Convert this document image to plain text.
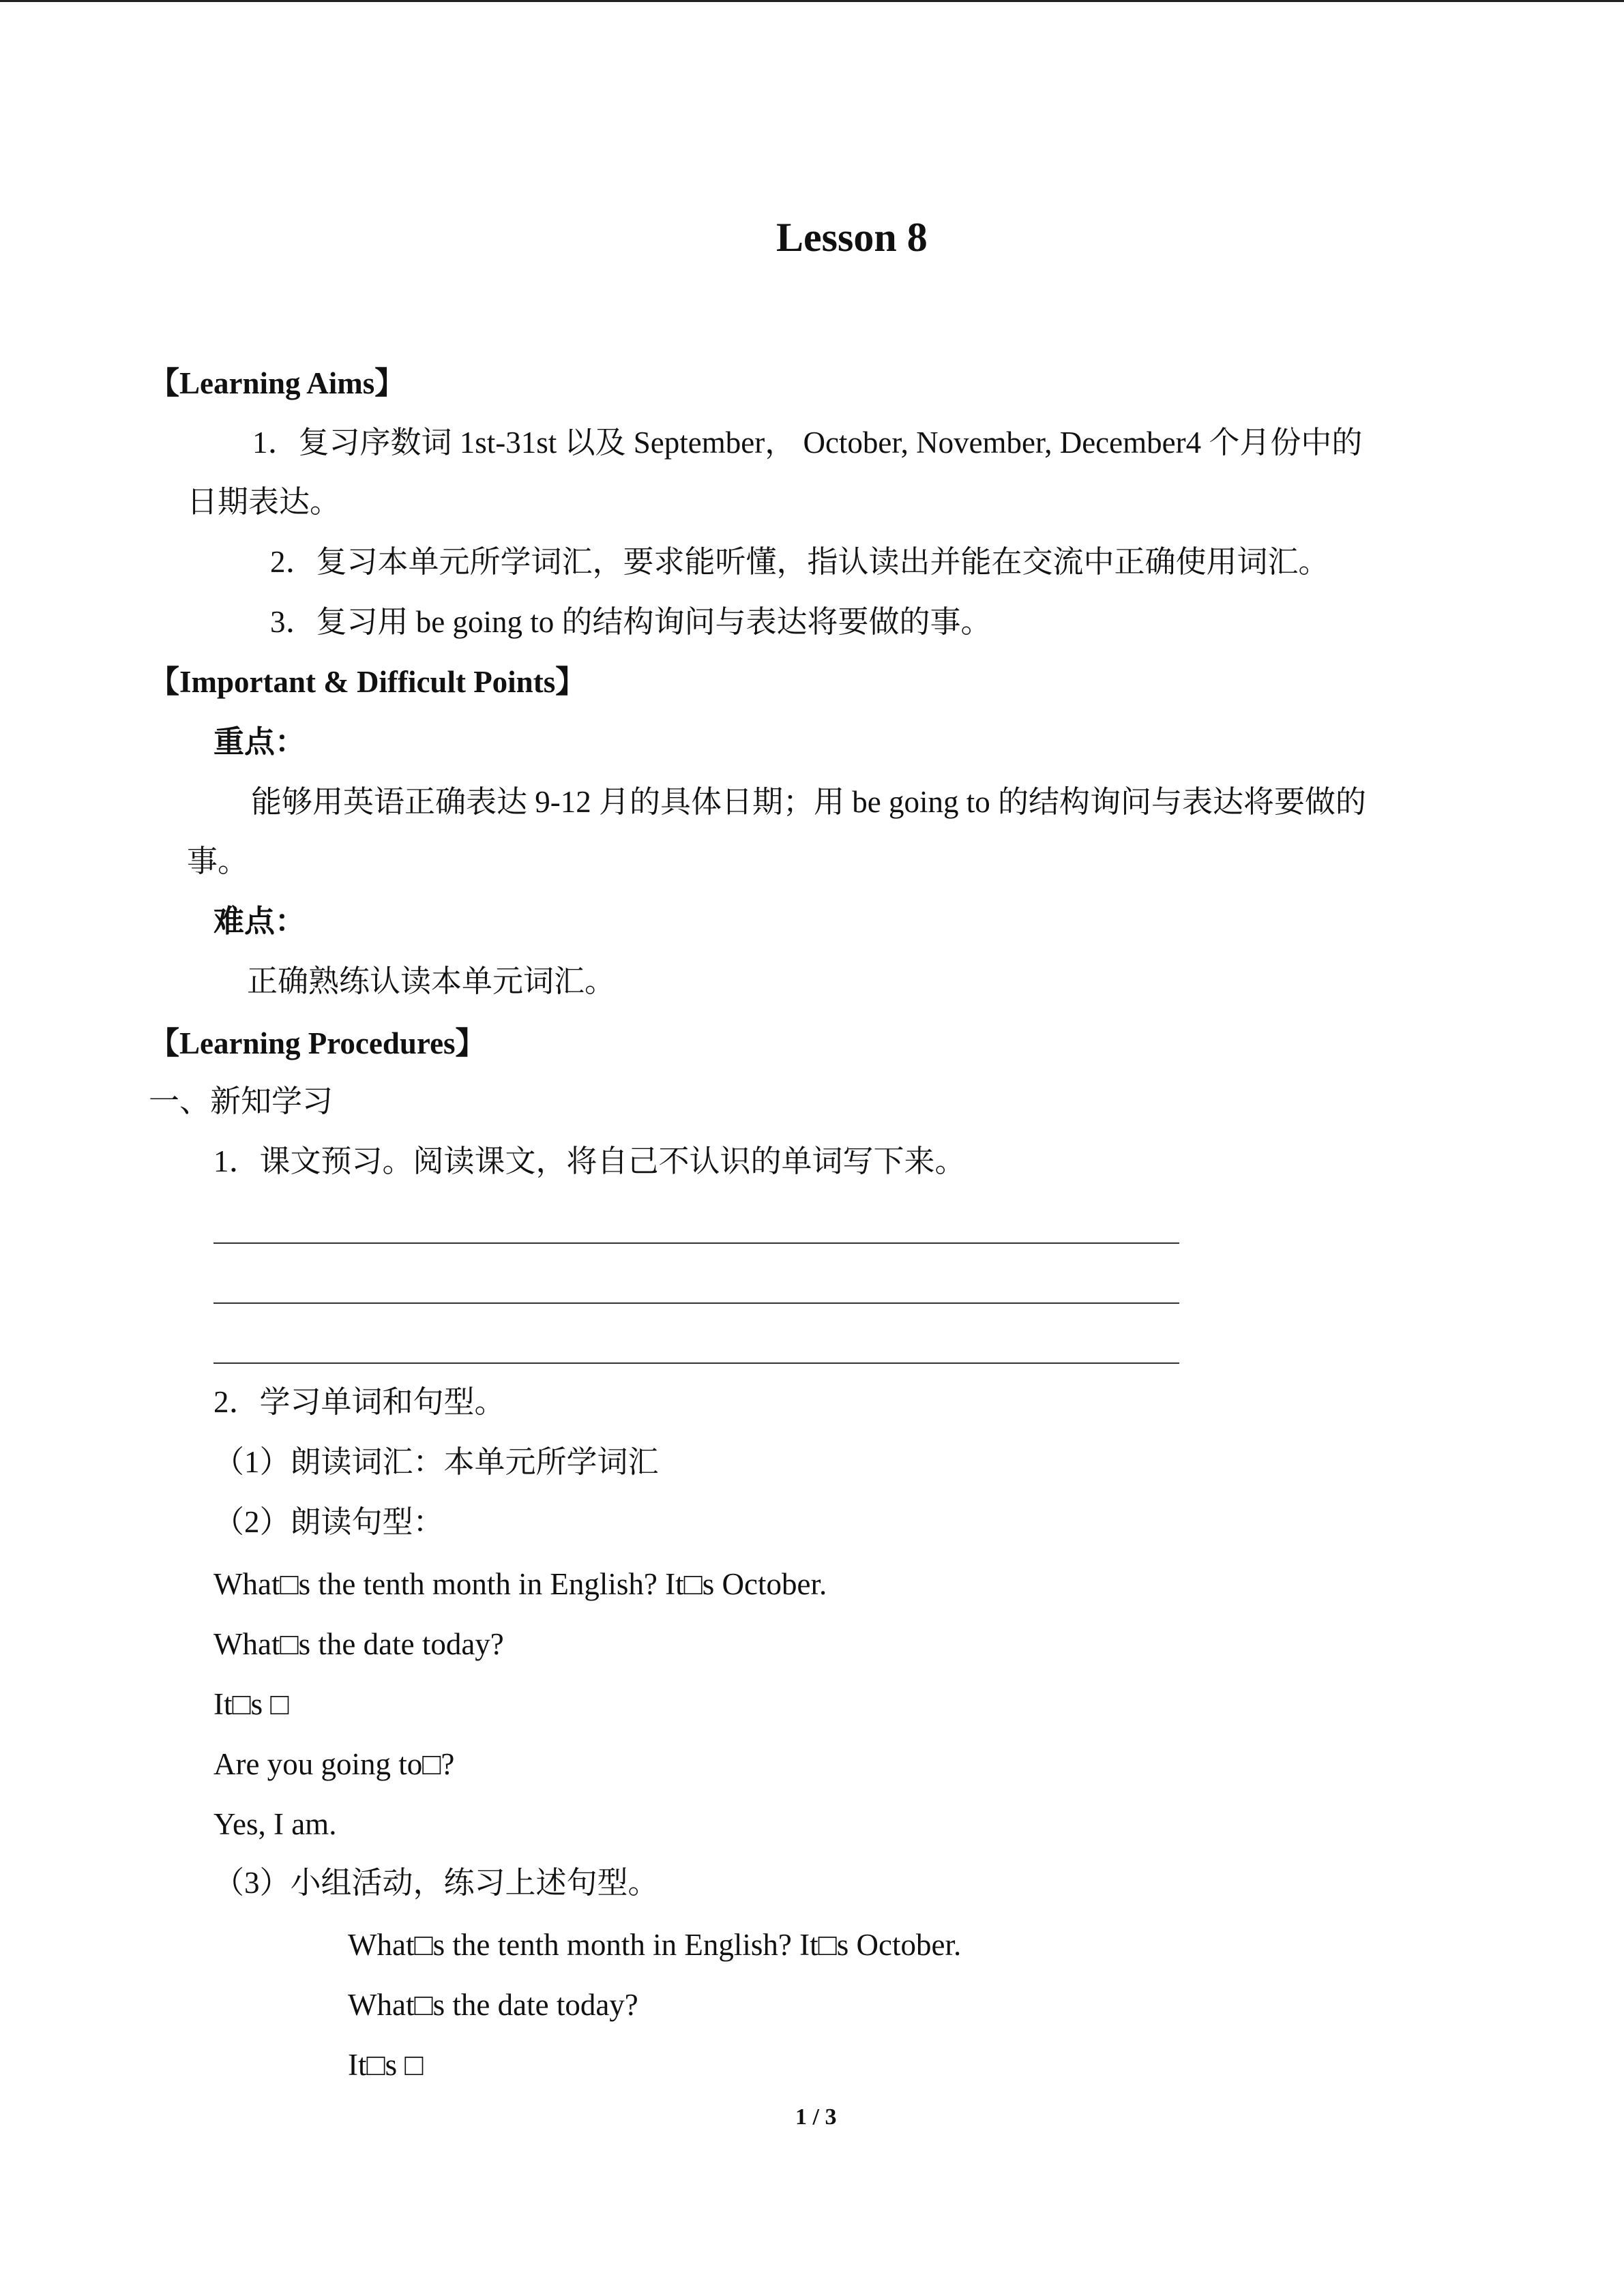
Lesson 8
【Learning Aims】
1．复习序数词 1st-31st 以及 September， October, November, December4 个月份中的
日期表达。
2．复习本单元所学词汇，要求能听懂，指认读出并能在交流中正确使用词汇。
3．复习用 be going to 的结构询问与表达将要做的事。
【Important & Difficult Points】
重点：
能够用英语正确表达 9-12 月的具体日期；用 be going to 的结构询问与表达将要做的
事。
难点：
正确熟练认读本单元词汇。
【Learning Procedures】
一、新知学习
1．课文预习。阅读课文，将自己不认识的单词写下来。
2．学习单词和句型。
（1）朗读词汇：本单元所学词汇
（2）朗读句型：
What□s the tenth month in English? It□s October.
What□s the date today?
It□s □
Are you going to□?
Yes, I am.
（3）小组活动，练习上述句型。
What□s the tenth month in English? It□s October.
What□s the date today?
It□s □
1 / 3
